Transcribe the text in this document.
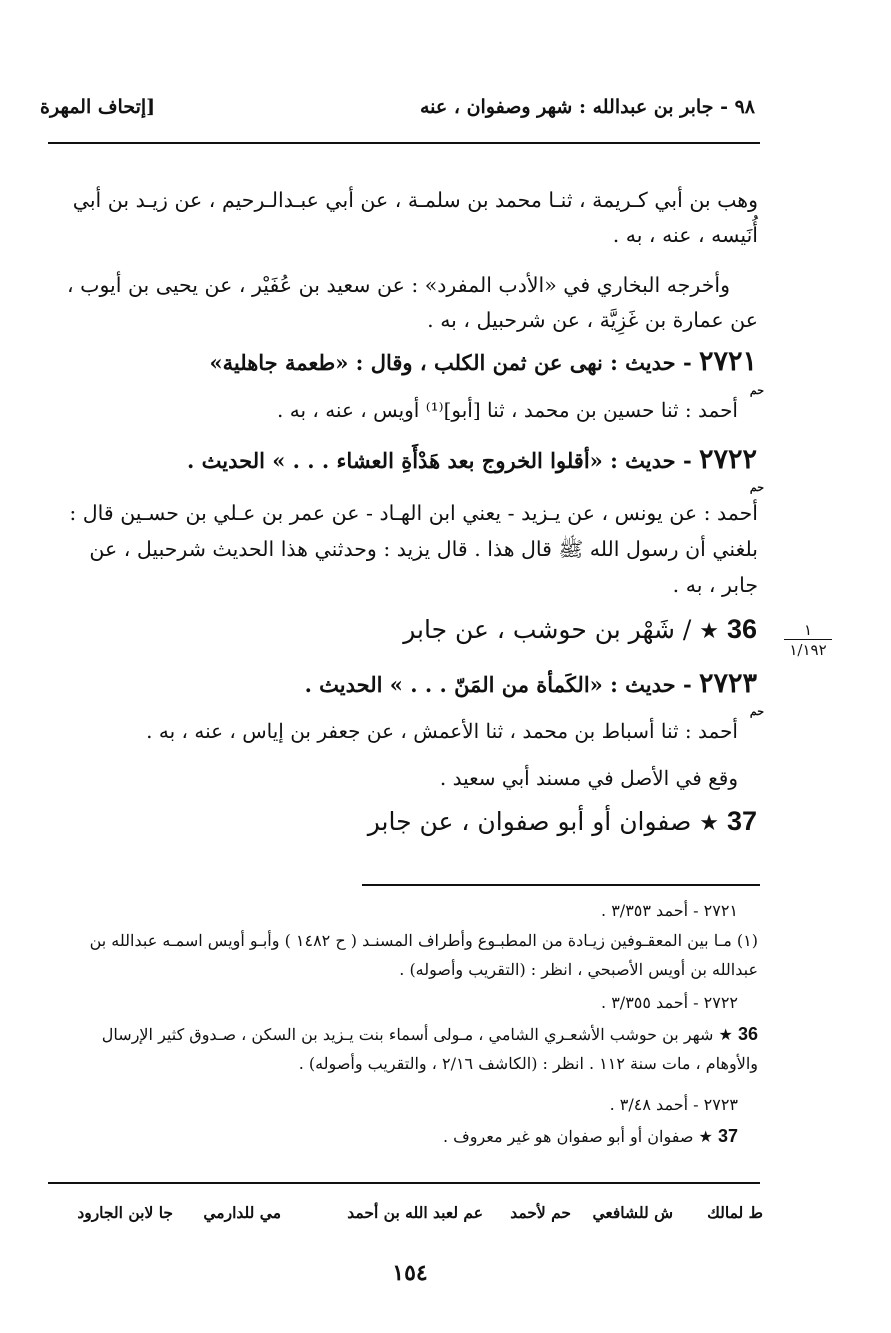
٩٨ - جابر بن عبدالله : شهر وصفوان ، عنه
[إتحاف المهرة
وهب بن أبي كـريمة ، ثنـا محمد بن سلمـة ، عن أبي عبـدالـرحيم ، عن زيـد بن أبي أُنَيسه ، عنه ، به .
وأخرجه البخاري في «الأدب المفرد» : عن سعيد بن عُفَيْر ، عن يحيى بن أيوب ، عن عمارة بن غَزِيَّة ، عن شرحبيل ، به .
٢٧٢١ - حديث : نهى عن ثمن الكلب ، وقال : «طعمة جاهلية»
حم
أحمد : ثنا حسين بن محمد ، ثنا [أبو]⁽¹⁾ أويس ، عنه ، به .
٢٧٢٢ - حديث : «أقلوا الخروج بعد هَدْأَةِ العشاء . . . » الحديث .
حم
أحمد : عن يونس ، عن يـزيد - يعني ابن الهـاد - عن عمر بن عـلي بن حسـين قال : بلغني أن رسول الله ﷺ قال هذا . قال يزيد : وحدثني هذا الحديث شرحبيل ، عن جابر ، به .
36 ★ / شَهْر بن حوشب ، عن جابر	١
١/١٩٢
٢٧٢٣ - حديث : «الكَمأة من المَنّ . . . » الحديث .
حم
أحمد : ثنا أسباط بن محمد ، ثنا الأعمش ، عن جعفر بن إياس ، عنه ، به .
وقع في الأصل في مسند أبي سعيد .
37 ★ صفوان أو أبو صفوان ، عن جابر
٢٧٢١ - أحمد ٣/٣٥٣ .
(١) مـا بين المعقـوفين زيـادة من المطبـوع وأطراف المسنـد ( ح ١٤٨٢ ) وأبـو أويس اسمـه عبدالله بن عبدالله بن أويس الأصبحي ، انظر : (التقريب وأصوله) .
٢٧٢٢ - أحمد ٣/٣٥٥ .
36 ★ شهر بن حوشب الأشعـري الشامي ، مـولى أسماء بنت يـزيد بن السكن ، صـدوق كثير الإرسال والأوهام ، مات سنة ١١٢ . انظر : (الكاشف ٢/١٦ ، والتقريب وأصوله) .
٢٧٢٣ - أحمد ٣/٤٨ .
37 ★ صفوان أو أبو صفوان هو غير معروف .
ط لمالك
ش للشافعي
حم لأحمد
عم لعبد الله بن أحمد
مي للدارمي
جا لابن الجارود
١٥٤
